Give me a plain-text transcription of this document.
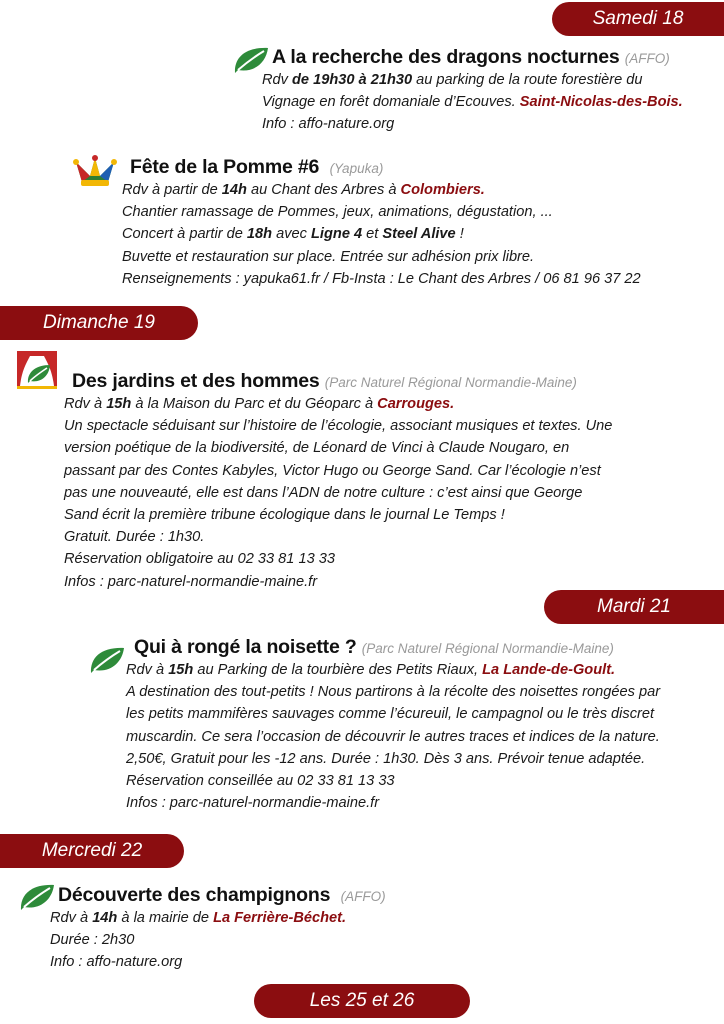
Samedi 18
Dimanche 19
Mardi 21
Mercredi 22
Les 25 et 26
A la recherche des dragons nocturnes (AFFO)
Rdv de 19h30 à 21h30 au parking de la route forestière du
Vignage en forêt domaniale d’Ecouves. Saint-Nicolas-des-Bois.
Info : affo-nature.org
Fête de la Pomme #6 (Yapuka)
Rdv à partir de 14h au Chant des Arbres à Colombiers.
Chantier ramassage de Pommes, jeux, animations, dégustation, ...
Concert à partir de 18h avec Ligne 4 et Steel Alive !
Buvette et restauration sur place. Entrée sur adhésion prix libre.
Renseignements : yapuka61.fr / Fb-Insta : Le Chant des Arbres / 06 81 96 37 22
Des jardins et des hommes (Parc Naturel Régional Normandie-Maine)
Rdv à 15h à la Maison du Parc et du Géoparc à Carrouges.
Un spectacle séduisant sur l’histoire de l’écologie, associant musiques et textes. Une
version poétique de la biodiversité, de Léonard de Vinci à Claude Nougaro, en
passant par des Contes Kabyles, Victor Hugo ou George Sand. Car l’écologie n’est
pas une nouveauté, elle est dans l’ADN de notre culture : c’est ainsi que George
Sand écrit la première tribune écologique dans le journal Le Temps !
Gratuit. Durée : 1h30.
Réservation obligatoire au 02 33 81 13 33
Infos : parc-naturel-normandie-maine.fr
Qui à rongé la noisette ? (Parc Naturel Régional Normandie-Maine)
Rdv à 15h au Parking de la tourbière des Petits Riaux, La Lande-de-Goult.
A destination des tout-petits ! Nous partirons à la récolte des noisettes rongées par
les petits mammifères sauvages comme l’écureuil, le campagnol ou le très discret
muscardin. Ce sera l’occasion de découvrir le autres traces et indices de la nature.
2,50€, Gratuit pour les -12 ans. Durée : 1h30. Dès 3 ans. Prévoir tenue adaptée.
Réservation conseillée au 02 33 81 13 33
Infos : parc-naturel-normandie-maine.fr
Découverte des champignons (AFFO)
Rdv à 14h à la mairie de La Ferrière-Béchet.
Durée : 2h30
Info : affo-nature.org
